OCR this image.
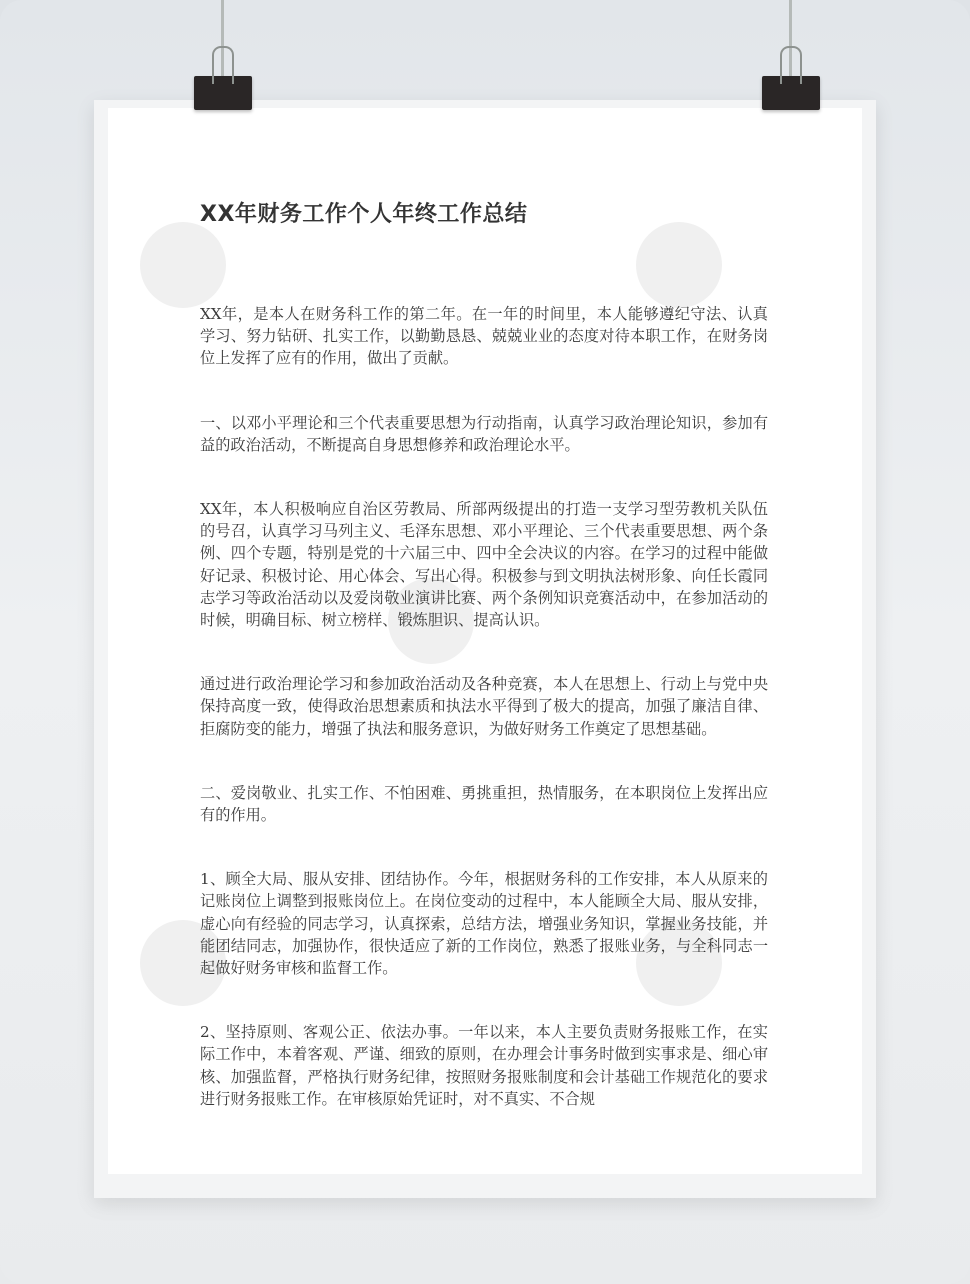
XX年财务工作个人年终工作总结

XX年，是本人在财务科工作的第二年。在一年的时间里，本人能够遵纪守法、认真学习、努力钻研、扎实工作，以勤勤恳恳、兢兢业业的态度对待本职工作，在财务岗位上发挥了应有的作用，做出了贡献。

一、以邓小平理论和三个代表重要思想为行动指南，认真学习政治理论知识，参加有益的政治活动，不断提高自身思想修养和政治理论水平。

XX年，本人积极响应自治区劳教局、所部两级提出的打造一支学习型劳教机关队伍的号召，认真学习马列主义、毛泽东思想、邓小平理论、三个代表重要思想、两个条例、四个专题，特别是党的十六届三中、四中全会决议的内容。在学习的过程中能做好记录、积极讨论、用心体会、写出心得。积极参与到文明执法树形象、向任长霞同志学习等政治活动以及爱岗敬业演讲比赛、两个条例知识竞赛活动中，在参加活动的时候，明确目标、树立榜样、锻炼胆识、提高认识。

通过进行政治理论学习和参加政治活动及各种竞赛，本人在思想上、行动上与党中央保持高度一致，使得政治思想素质和执法水平得到了极大的提高，加强了廉洁自律、拒腐防变的能力，增强了执法和服务意识，为做好财务工作奠定了思想基础。

二、爱岗敬业、扎实工作、不怕困难、勇挑重担，热情服务，在本职岗位上发挥出应有的作用。

1、顾全大局、服从安排、团结协作。今年，根据财务科的工作安排，本人从原来的记账岗位上调整到报账岗位上。在岗位变动的过程中，本人能顾全大局、服从安排，虚心向有经验的同志学习，认真探索，总结方法，增强业务知识，掌握业务技能，并能团结同志，加强协作，很快适应了新的工作岗位，熟悉了报账业务，与全科同志一起做好财务审核和监督工作。

2、坚持原则、客观公正、依法办事。一年以来，本人主要负责财务报账工作，在实际工作中，本着客观、严谨、细致的原则，在办理会计事务时做到实事求是、细心审核、加强监督，严格执行财务纪律，按照财务报账制度和会计基础工作规范化的要求进行财务报账工作。在审核原始凭证时，对不真实、不合规
